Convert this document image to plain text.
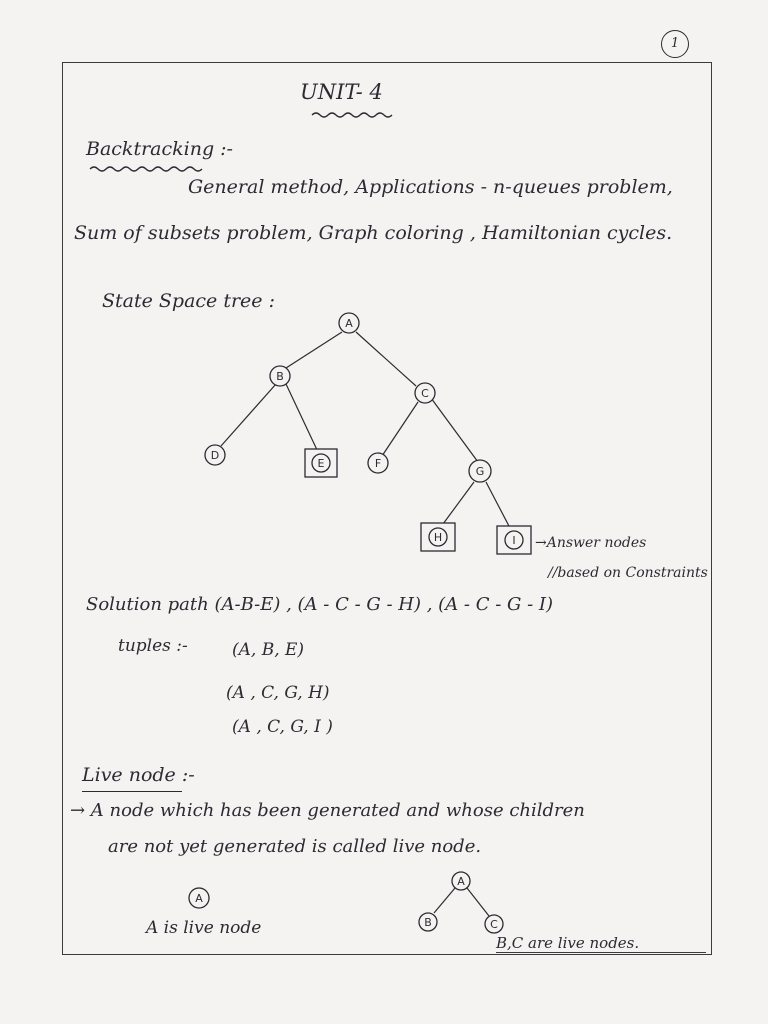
1
UNIT- 4
Backtracking :-
General method, Applications - n-queues problem,
Sum of subsets problem, Graph coloring , Hamiltonian cycles.
State Space tree :
A
B
C
D
E	F
G
H	I →Answer nodes
//based on Constraints
A
A
B	C
Solution path (A-B-E) , (A - C - G - H) , (A - C - G - I)
tuples :-	(A, B, E)
(A , C, G, H)
(A , C, G, I )
Live node :-
→ A node which has been generated and whose children
are not yet generated is called live node.
A is live node
B,C are live nodes.
